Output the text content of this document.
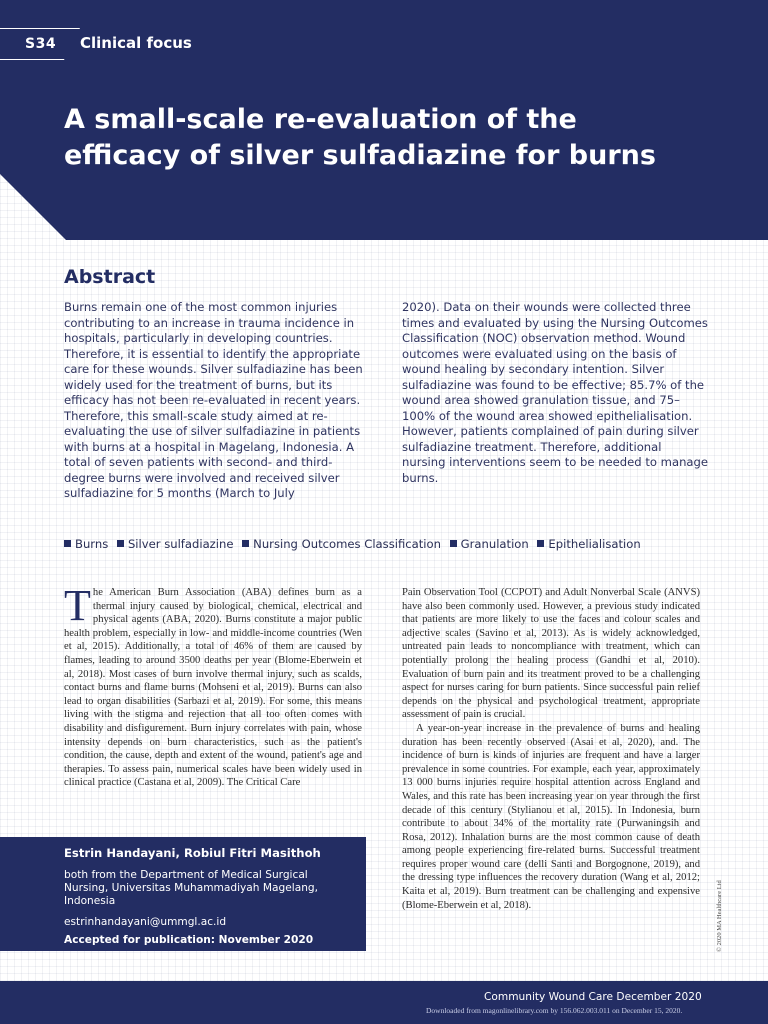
S34 Clinical focus
A small-scale re-evaluation of the efficacy of silver sulfadiazine for burns
Abstract

Burns remain one of the most common injuries contributing to an increase in trauma incidence in hospitals, particularly in developing countries. Therefore, it is essential to identify the appropriate care for these wounds. Silver sulfadiazine has been widely used for the treatment of burns, but its efficacy has not been re-evaluated in recent years. Therefore, this small-scale study aimed at re-evaluating the use of silver sulfadiazine in patients with burns at a hospital in Magelang, Indonesia. A total of seven patients with second- and third-degree burns were involved and received silver sulfadiazine for 5 months (March to July

2020). Data on their wounds were collected three times and evaluated by using the Nursing Outcomes Classification (NOC) observation method. Wound outcomes were evaluated using on the basis of wound healing by secondary intention. Silver sulfadiazine was found to be effective; 85.7% of the wound area showed granulation tissue, and 75–100% of the wound area showed epithelialisation. However, patients complained of pain during silver sulfadiazine treatment. Therefore, additional nursing interventions seem to be needed to manage burns.

Burns Silver sulfadiazine Nursing Outcomes Classification Granulation Epithelialisation
The American Burn Association (ABA) defines burn as a thermal injury caused by biological, chemical, electrical and physical agents (ABA, 2020). Burns constitute a major public health problem, especially in low- and middle-income countries (Wen et al, 2015). Additionally, a total of 46% of them are caused by flames, leading to around 3500 deaths per year (Blome-Eberwein et al, 2018). Most cases of burn involve thermal injury, such as scalds, contact burns and flame burns (Mohseni et al, 2019). Burns can also lead to organ disabilities (Sarbazi et al, 2019). For some, this means living with the stigma and rejection that all too often comes with disability and disfigurement. Burn injury correlates with pain, whose intensity depends on burn characteristics, such as the patient's condition, the cause, depth and extent of the wound, patient's age and therapies. To assess pain, numerical scales have been widely used in clinical practice (Castana et al, 2009). The Critical Care

Pain Observation Tool (CCPOT) and Adult Nonverbal Scale (ANVS) have also been commonly used. However, a previous study indicated that patients are more likely to use the faces and colour scales and adjective scales (Savino et al, 2013). As is widely acknowledged, untreated pain leads to noncompliance with treatment, which can potentially prolong the healing process (Gandhi et al, 2010). Evaluation of burn pain and its treatment proved to be a challenging aspect for nurses caring for burn patients. Since successful pain relief depends on the physical and psychological treatment, appropriate assessment of pain is crucial.

A year-on-year increase in the prevalence of burns and healing duration has been recently observed (Asai et al, 2020), and. The incidence of burn is kinds of injuries are frequent and have a larger prevalence in some countries. For example, each year, approximately 13 000 burns injuries require hospital attention across England and Wales, and this rate has been increasing year on year through the first decade of this century (Stylianou et al, 2015). In Indonesia, burn contribute to about 34% of the mortality rate (Purwaningsih and Rosa, 2012). Inhalation burns are the most common cause of death among people experiencing fire-related burns. Successful treatment requires proper wound care (delli Santi and Borgognone, 2019), and the dressing type influences the recovery duration (Wang et al, 2012; Kaita et al, 2019). Burn treatment can be challenging and expensive (Blome-Eberwein et al, 2018).

Estrin Handayani, Robiul Fitri Masithoh

both from the Department of Medical Surgical Nursing, Universitas Muhammadiyah Magelang, Indonesia

estrinhandayani@ummgl.ac.id

Accepted for publication: November 2020	© 2020 MA Healthcare Ltd
Community Wound Care December 2020
Downloaded from magonlinelibrary.com by 156.062.003.011 on December 15, 2020.
